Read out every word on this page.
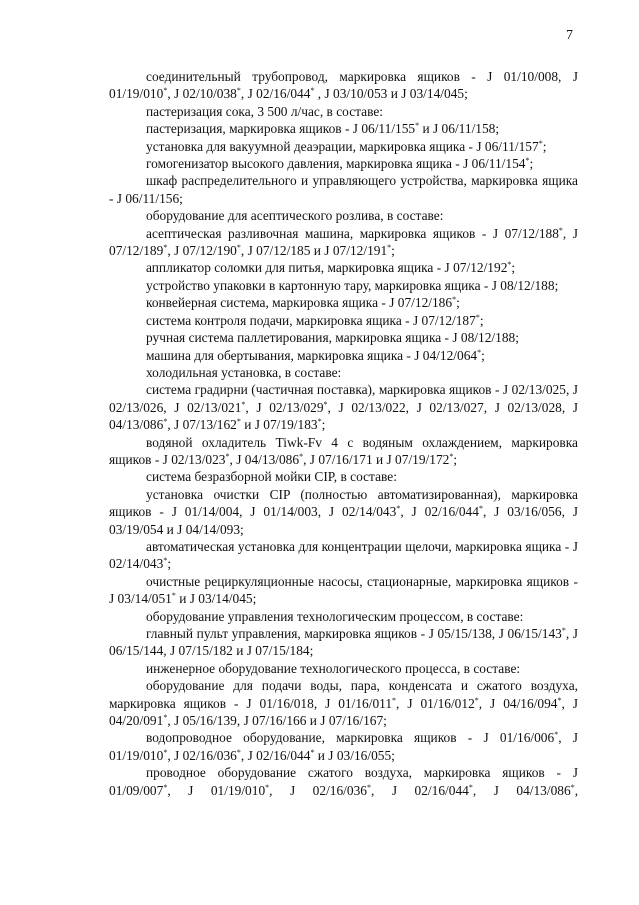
7

соединительный трубопровод, маркировка ящиков - J 01/10/008, J 01/19/010*, J 02/10/038*, J 02/16/044* , J 03/10/053 и J 03/14/045;

пастеризация сока, 3 500 л/час, в составе:

пастеризация, маркировка ящиков - J 06/11/155* и J 06/11/158;

установка для вакуумной деаэрации, маркировка ящика - J 06/11/157*;

гомогенизатор высокого давления, маркировка ящика - J 06/11/154*;

шкаф распределительного и управляющего устройства, маркировка ящика - J 06/11/156;

оборудование для асептического розлива, в составе:

асептическая разливочная машина, маркировка ящиков - J 07/12/188*, J 07/12/189*, J 07/12/190*, J 07/12/185 и J 07/12/191*;

аппликатор соломки для питья, маркировка ящика - J 07/12/192*;

устройство упаковки в картонную тару, маркировка ящика - J 08/12/188;

конвейерная система, маркировка ящика - J 07/12/186*;

система контроля подачи, маркировка ящика - J 07/12/187*;

ручная система паллетирования, маркировка ящика - J 08/12/188;

машина для обертывания, маркировка ящика - J 04/12/064*;

холодильная установка, в составе:

система градирни (частичная поставка), маркировка ящиков - J 02/13/025, J 02/13/026, J 02/13/021*, J 02/13/029*, J 02/13/022, J 02/13/027, J 02/13/028, J 04/13/086*, J 07/13/162* и J 07/19/183*;

водяной охладитель Tiwk-Fv 4 с водяным охлаждением, маркировка ящиков - J 02/13/023*, J 04/13/086*, J 07/16/171 и J 07/19/172*;

система безразборной мойки CIP, в составе:

установка очистки CIP (полностью автоматизированная), маркировка ящиков - J 01/14/004, J 01/14/003, J 02/14/043*, J 02/16/044*, J 03/16/056, J 03/19/054 и J 04/14/093;

автоматическая установка для концентрации щелочи, маркировка ящика - J 02/14/043*;

очистные рециркуляционные насосы, стационарные, маркировка ящиков - J 03/14/051* и J 03/14/045;

оборудование управления технологическим процессом, в составе:

главный пульт управления, маркировка ящиков - J 05/15/138, J 06/15/143*, J 06/15/144, J 07/15/182 и J 07/15/184;

инженерное оборудование технологического процесса, в составе:

оборудование для подачи воды, пара, конденсата и сжатого воздуха, маркировка ящиков - J 01/16/018, J 01/16/011*, J 01/16/012*, J 04/16/094*, J 04/20/091*, J 05/16/139, J 07/16/166 и J 07/16/167;

водопроводное оборудование, маркировка ящиков - J 01/16/006*, J 01/19/010*, J 02/16/036*, J 02/16/044* и J 03/16/055;

проводное оборудование сжатого воздуха, маркировка ящиков - J 01/09/007*, J 01/19/010*, J 02/16/036*, J 02/16/044*, J 04/13/086*,
